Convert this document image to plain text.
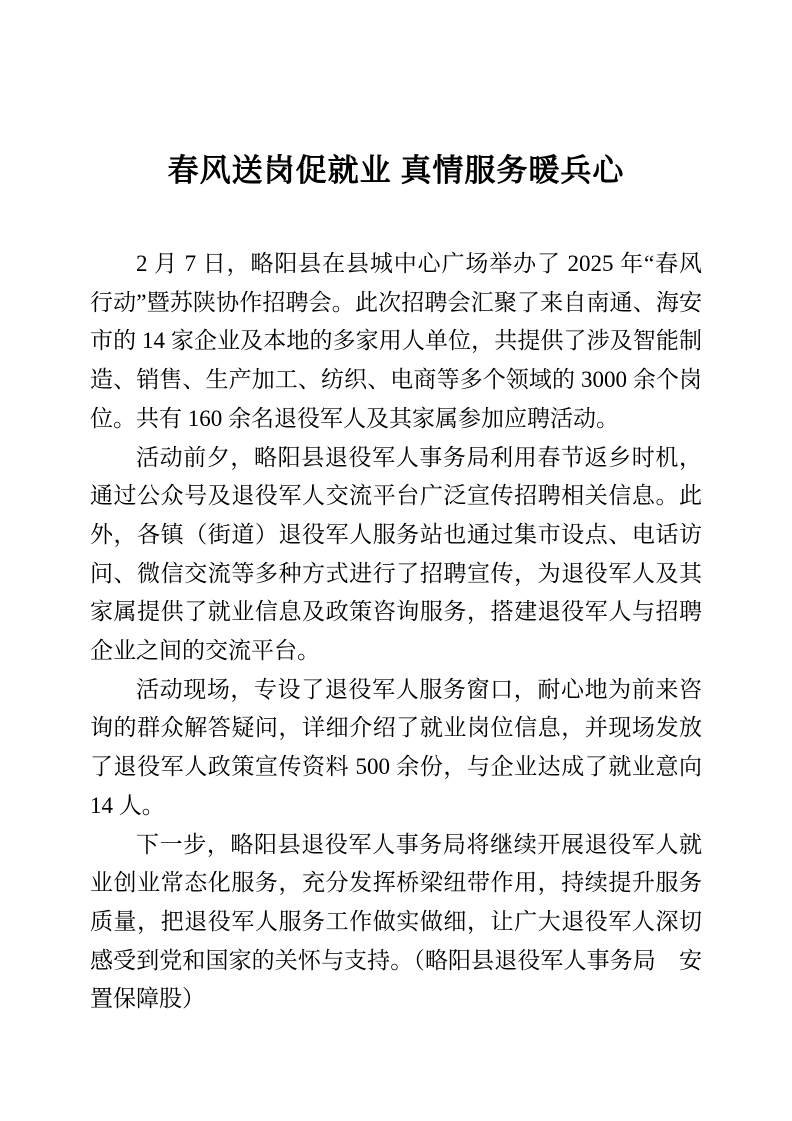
春风送岗促就业 真情服务暖兵心

2 月 7 日，略阳县在县城中心广场举办了 2025 年“春风行动”暨苏陕协作招聘会。此次招聘会汇聚了来自南通、海安市的 14 家企业及本地的多家用人单位，共提供了涉及智能制造、销售、生产加工、纺织、电商等多个领域的 3000 余个岗位。共有 160 余名退役军人及其家属参加应聘活动。

活动前夕，略阳县退役军人事务局利用春节返乡时机，通过公众号及退役军人交流平台广泛宣传招聘相关信息。此外，各镇（街道）退役军人服务站也通过集市设点、电话访问、微信交流等多种方式进行了招聘宣传，为退役军人及其家属提供了就业信息及政策咨询服务，搭建退役军人与招聘企业之间的交流平台。

活动现场，专设了退役军人服务窗口，耐心地为前来咨询的群众解答疑问，详细介绍了就业岗位信息，并现场发放了退役军人政策宣传资料 500 余份，与企业达成了就业意向 14 人。

下一步，略阳县退役军人事务局将继续开展退役军人就业创业常态化服务，充分发挥桥梁纽带作用，持续提升服务质量，把退役军人服务工作做实做细，让广大退役军人深切感受到党和国家的关怀与支持。（略阳县退役军人事务局　安置保障股）
